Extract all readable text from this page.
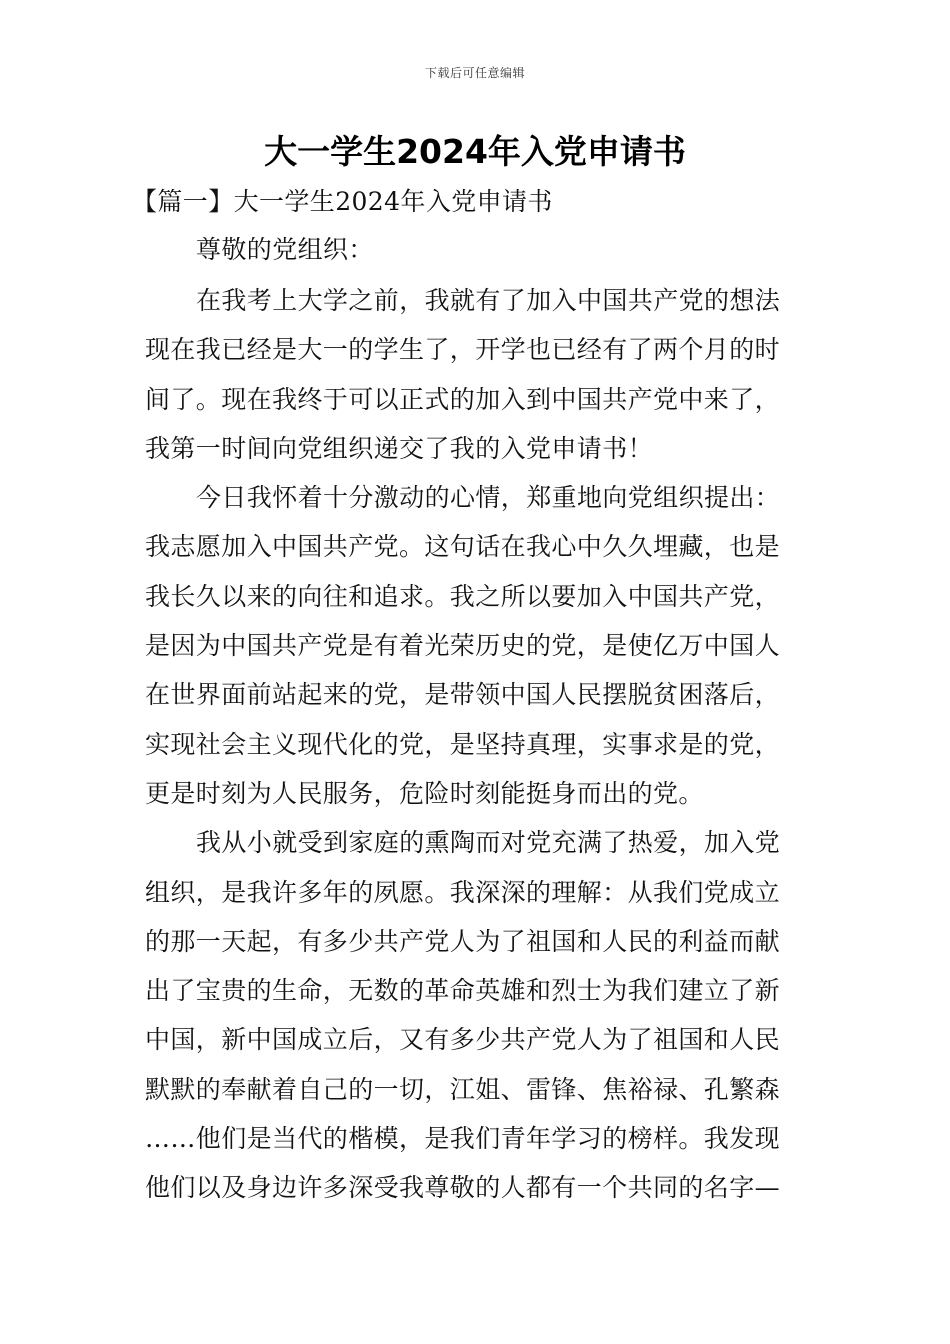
下载后可任意编辑
大一学生2024年入党申请书
【篇一】大一学生2024年入党申请书
尊敬的党组织：
在我考上大学之前，我就有了加入中国共产党的想法
现在我已经是大一的学生了，开学也已经有了两个月的时
间了。现在我终于可以正式的加入到中国共产党中来了，
我第一时间向党组织递交了我的入党申请书！
今日我怀着十分激动的心情，郑重地向党组织提出：
我志愿加入中国共产党。这句话在我心中久久埋藏，也是
我长久以来的向往和追求。我之所以要加入中国共产党，
是因为中国共产党是有着光荣历史的党，是使亿万中国人
在世界面前站起来的党，是带领中国人民摆脱贫困落后，
实现社会主义现代化的党，是坚持真理，实事求是的党，
更是时刻为人民服务，危险时刻能挺身而出的党。
我从小就受到家庭的熏陶而对党充满了热爱，加入党
组织，是我许多年的夙愿。我深深的理解：从我们党成立
的那一天起，有多少共产党人为了祖国和人民的利益而献
出了宝贵的生命，无数的革命英雄和烈士为我们建立了新
中国，新中国成立后，又有多少共产党人为了祖国和人民
默默的奉献着自己的一切，江姐、雷锋、焦裕禄、孔繁森
……他们是当代的楷模，是我们青年学习的榜样。我发现
他们以及身边许多深受我尊敬的人都有一个共同的名字—
